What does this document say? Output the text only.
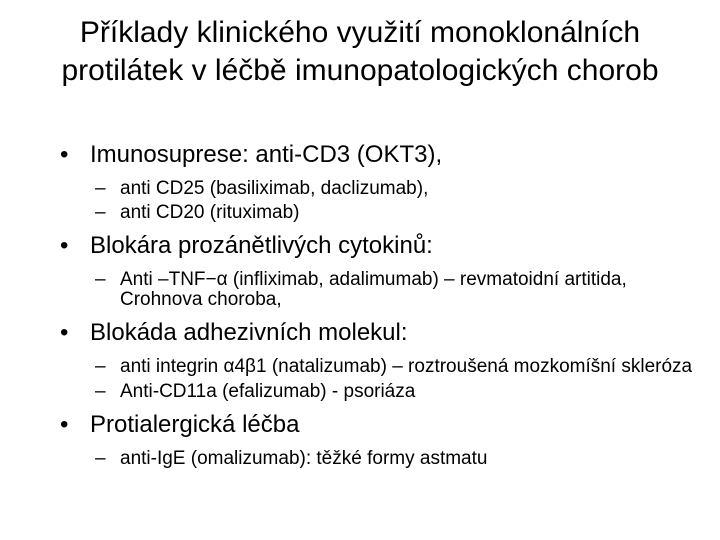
Příklady klinického využití monoklonálních protilátek v léčbě imunopatologických chorob

• Imunosuprese: anti-CD3 (OKT3),

– anti CD25 (basiliximab, daclizumab),

– anti CD20 (rituximab)

• Blokára prozánětlivých cytokinů:

– Anti –TNF−α (infliximab, adalimumab) – revmatoidní artitida, Crohnova choroba,

• Blokáda adhezivních molekul:

– anti integrin α4β1 (natalizumab) – roztroušená mozkomíšní skleróza

– Anti-CD11a (efalizumab) - psoriáza

• Protialergická léčba

– anti-IgE (omalizumab): těžké formy astmatu
